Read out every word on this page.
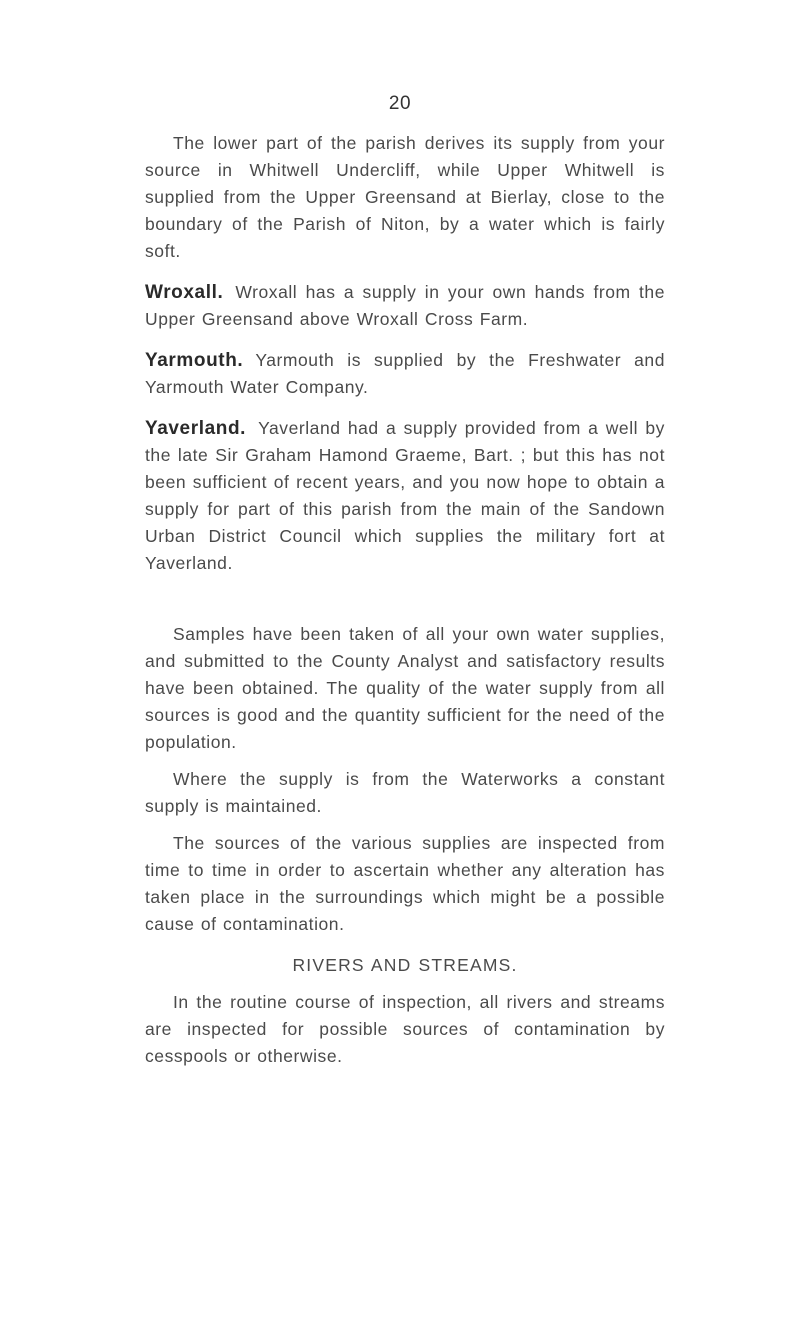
20

The lower part of the parish derives its supply from your source in Whitwell Undercliff, while Upper Whitwell is supplied from the Upper Greensand at Bierlay, close to the boundary of the Parish of Niton, by a water which is fairly soft.

Wroxall. Wroxall has a supply in your own hands from the Upper Greensand above Wroxall Cross Farm.

Yarmouth. Yarmouth is supplied by the Freshwater and Yarmouth Water Company.

Yaverland. Yaverland had a supply provided from a well by the late Sir Graham Hamond Graeme, Bart. ; but this has not been sufficient of recent years, and you now hope to obtain a supply for part of this parish from the main of the Sandown Urban District Council which supplies the military fort at Yaverland.

Samples have been taken of all your own water supplies, and submitted to the County Analyst and satisfactory results have been obtained. The quality of the water supply from all sources is good and the quantity sufficient for the need of the population.

Where the supply is from the Waterworks a constant supply is maintained.

The sources of the various supplies are inspected from time to time in order to ascertain whether any alteration has taken place in the surroundings which might be a possible cause of contamination.

RIVERS AND STREAMS.

In the routine course of inspection, all rivers and streams are inspected for possible sources of contamination by cesspools or otherwise.
